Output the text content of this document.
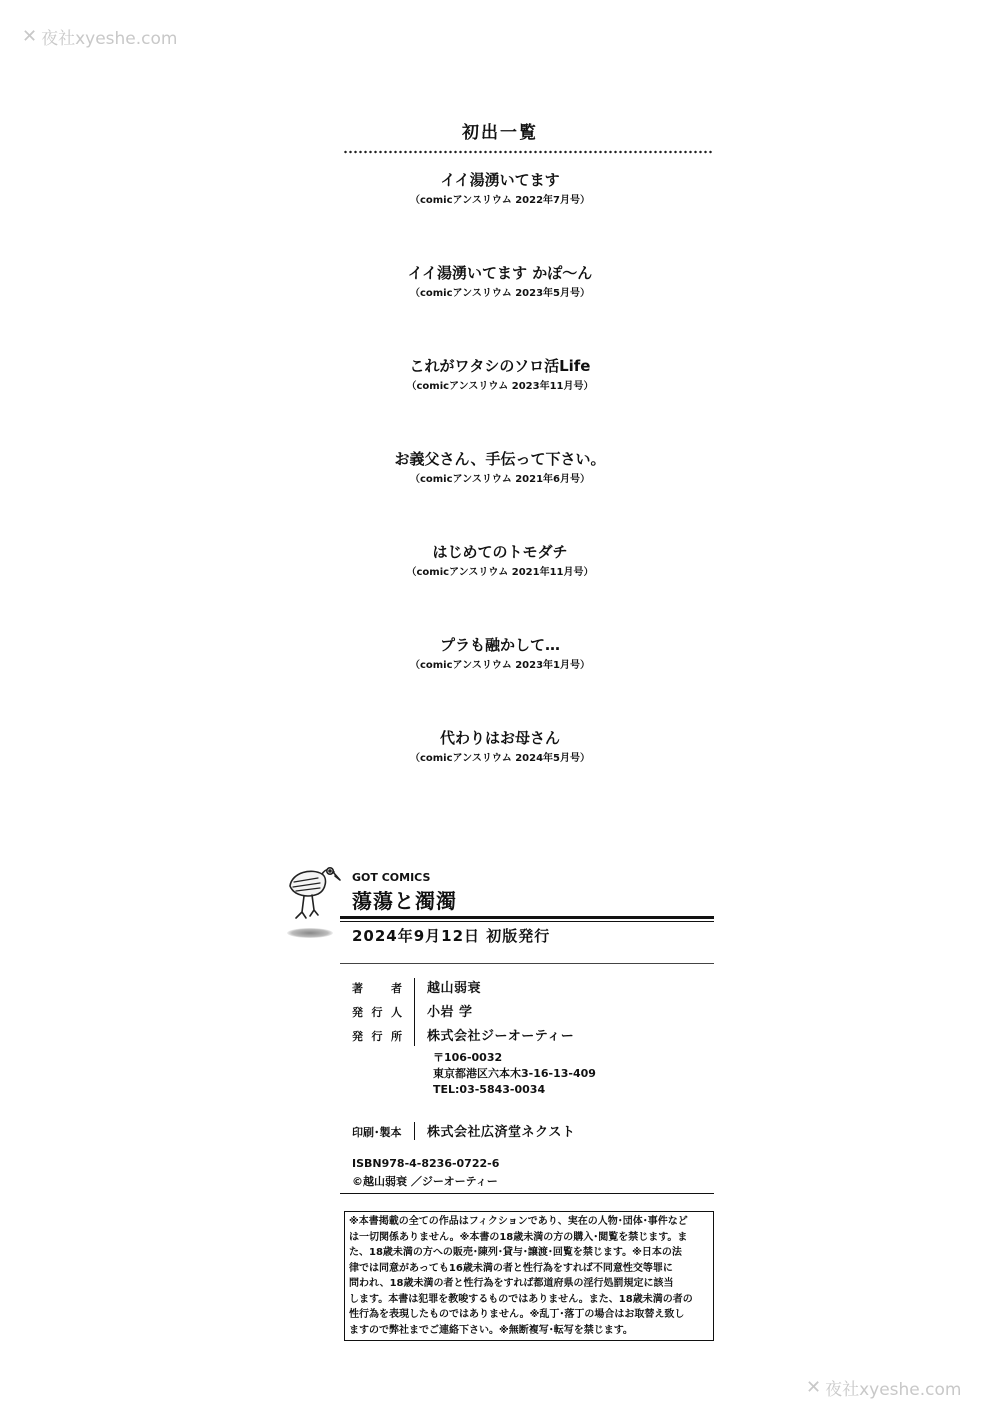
✕ 夜社xyeshe.com
✕ 夜社xyeshe.com
初出一覧
イイ湯湧いてます
（comicアンスリウム 2022年7月号）
イイ湯湧いてます かぽ～ん
（comicアンスリウム 2023年5月号）
これがワタシのソロ活Life
（comicアンスリウム 2023年11月号）
お義父さん、手伝って下さい。
（comicアンスリウム 2021年6月号）
はじめてのトモダチ
（comicアンスリウム 2021年11月号）
プラも融かして…
（comicアンスリウム 2023年1月号）
代わりはお母さん
（comicアンスリウム 2024年5月号）
GOT COMICS
蕩蕩と濁濁
2024年9月12日 初版発行
著	者
発 行 人
発 行 所
印刷･製本
越山弱衰
小岩 学
株式会社ジーオーティー
〒106-0032
東京都港区六本木3-16-13-409
TEL:03-5843-0034
株式会社広済堂ネクスト
ISBN978-4-8236-0722-6
©越山弱衰 ／ジーオーティー

※本書掲載の全ての作品はフィクションであり、実在の人物･団体･事件など

は一切関係ありません。※本書の18歳未満の方の購入･閲覧を禁じます。ま

た、18歳未満の方への販売･陳列･貸与･譲渡･回覧を禁じます。※日本の法

律では同意があっても16歳未満の者と性行為をすれば不同意性交等罪に

問われ、18歳未満の者と性行為をすれば都道府県の淫行処罰規定に該当

します。本書は犯罪を教唆するものではありません。また、18歳未満の者の

性行為を表現したものではありません。※乱丁･落丁の場合はお取替え致し

ますので弊社までご連絡下さい。※無断複写･転写を禁じます。
